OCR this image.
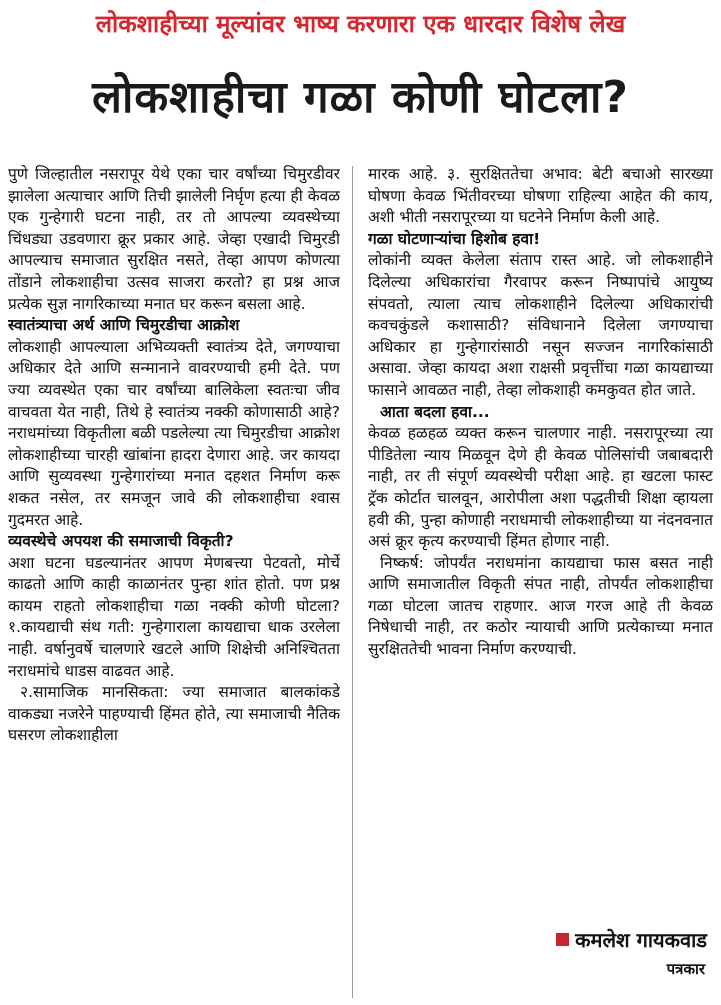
लोकशाहीच्या मूल्यांवर भाष्य करणारा एक धारदार विशेष लेख
लोकशाहीचा गळा कोणी घोटला?

पुणे जिल्हातील नसरापूर येथे एका चार वर्षांच्या चिमुरडीवर झालेला अत्याचार आणि तिची झालेली निर्घृण हत्या ही केवळ एक गुन्हेगारी घटना नाही, तर तो आपल्या व्यवस्थेच्या चिंधड्या उडवणारा क्रूर प्रकार आहे. जेव्हा एखादी चिमुरडी आपल्याच समाजात सुरक्षित नसते, तेव्हा आपण कोणत्या तोंडाने लोकशाहीचा उत्सव साजरा करतो? हा प्रश्न आज प्रत्येक सुज्ञ नागरिकाच्या मनात घर करून बसला आहे.

स्वातंत्र्याचा अर्थ आणि चिमुरडीचा आक्रोश

लोकशाही आपल्याला अभिव्यक्ती स्वातंत्र्य देते, जगण्याचा अधिकार देते आणि सन्मानाने वावरण्याची हमी देते. पण ज्या व्यवस्थेत एका चार वर्षांच्या बालिकेला स्वतःचा जीव वाचवता येत नाही, तिथे हे स्वातंत्र्य नक्की कोणासाठी आहे? नराधमांच्या विकृतीला बळी पडलेल्या त्या चिमुरडीचा आक्रोश लोकशाहीच्या चारही खांबांना हादरा देणारा आहे. जर कायदा आणि सुव्यवस्था गुन्हेगारांच्या मनात दहशत निर्माण करू शकत नसेल, तर समजून जावे की लोकशाहीचा श्वास गुदमरत आहे.

व्यवस्थेचे अपयश की समाजाची विकृती?

अशा घटना घडल्यानंतर आपण मेणबत्त्या पेटवतो, मोर्चे काढतो आणि काही काळानंतर पुन्हा शांत होतो. पण प्रश्न कायम राहतो लोकशाहीचा गळा नक्की कोणी घोटला? १.कायद्याची संथ गती: गुन्हेगाराला कायद्याचा धाक उरलेला नाही. वर्षानुवर्षे चालणारे खटले आणि शिक्षेची अनिश्चितता नराधमांचे धाडस वाढवत आहे.

२.सामाजिक मानसिकता: ज्या समाजात बालकांकडे वाकड्या नजरेने पाहण्याची हिंमत होते, त्या समाजाची नैतिक घसरण लोकशाहीला

मारक आहे. ३. सुरक्षिततेचा अभाव: बेटी बचाओ सारख्या घोषणा केवळ भिंतीवरच्या घोषणा राहिल्या आहेत की काय, अशी भीती नसरापूरच्या या घटनेने निर्माण केली आहे.

गळा घोटणाऱ्यांचा हिशोब हवा!

लोकांनी व्यक्त केलेला संताप रास्त आहे. जो लोकशाहीने दिलेल्या अधिकारांचा गैरवापर करून निष्पापांचे आयुष्य संपवतो, त्याला त्याच लोकशाहीने दिलेल्या अधिकारांची कवचकुंडले कशासाठी? संविधानाने दिलेला जगण्याचा अधिकार हा गुन्हेगारांसाठी नसून सज्जन नागरिकांसाठी असावा. जेव्हा कायदा अशा राक्षसी प्रवृत्तींचा गळा कायद्याच्या फासाने आवळत नाही, तेव्हा लोकशाही कमकुवत होत जाते.

आता बदला हवा...

केवळ हळहळ व्यक्त करून चालणार नाही. नसरापूरच्या त्या पीडितेला न्याय मिळवून देणे ही केवळ पोलिसांची जबाबदारी नाही, तर ती संपूर्ण व्यवस्थेची परीक्षा आहे. हा खटला फास्ट ट्रॅक कोर्टात चालवून, आरोपीला अशा पद्धतीची शिक्षा व्हायला हवी की, पुन्हा कोणाही नराधमाची लोकशाहीच्या या नंदनवनात असं क्रूर कृत्य करण्याची हिंमत होणार नाही.

निष्कर्ष: जोपर्यंत नराधमांना कायद्याचा फास बसत नाही आणि समाजातील विकृती संपत नाही, तोपर्यंत लोकशाहीचा गळा घोटला जातच राहणार. आज गरज आहे ती केवळ निषेधाची नाही, तर कठोर न्यायाची आणि प्रत्येकाच्या मनात सुरक्षिततेची भावना निर्माण करण्याची.

कमलेश गायकवाड
पत्रकार
